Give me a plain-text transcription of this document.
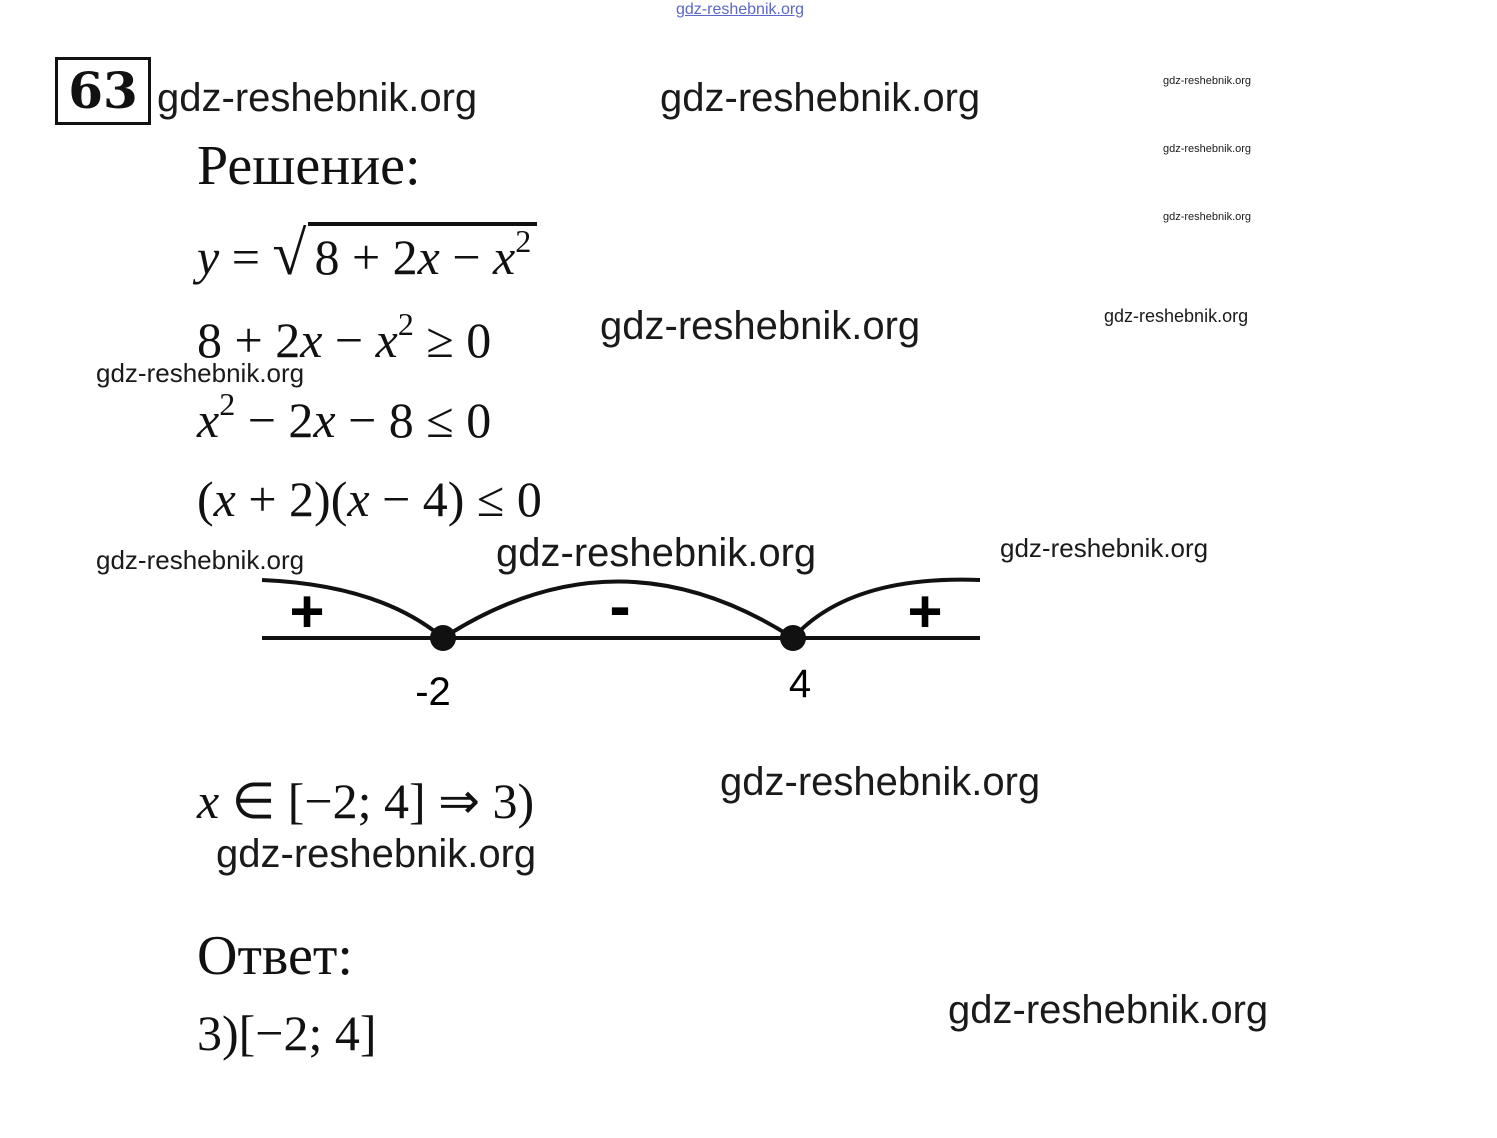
gdz-reshebnik.org
63 gdz-reshebnik.org	gdz-reshebnik.org	gdz-reshebnik.org
gdz-reshebnik.org
gdz-reshebnik.org
gdz-reshebnik.org
gdz-reshebnik.org
gdz-reshebnik.org
gdz-reshebnik.org	gdz-reshebnik.org	gdz-reshebnik.org
gdz-reshebnik.org
gdz-reshebnik.org
gdz-reshebnik.org
Решение:
y = √ $8 + 2x - x^2$
$8 + 2x - x^2 \ge 0$
$x^2 - 2x - 8 \le 0$
(x + 2)(x − 4) ≤ 0
-2	4
+	-	+
x ∈ [−2; 4] ⇒ 3)
Ответ:
3)[−2; 4]
